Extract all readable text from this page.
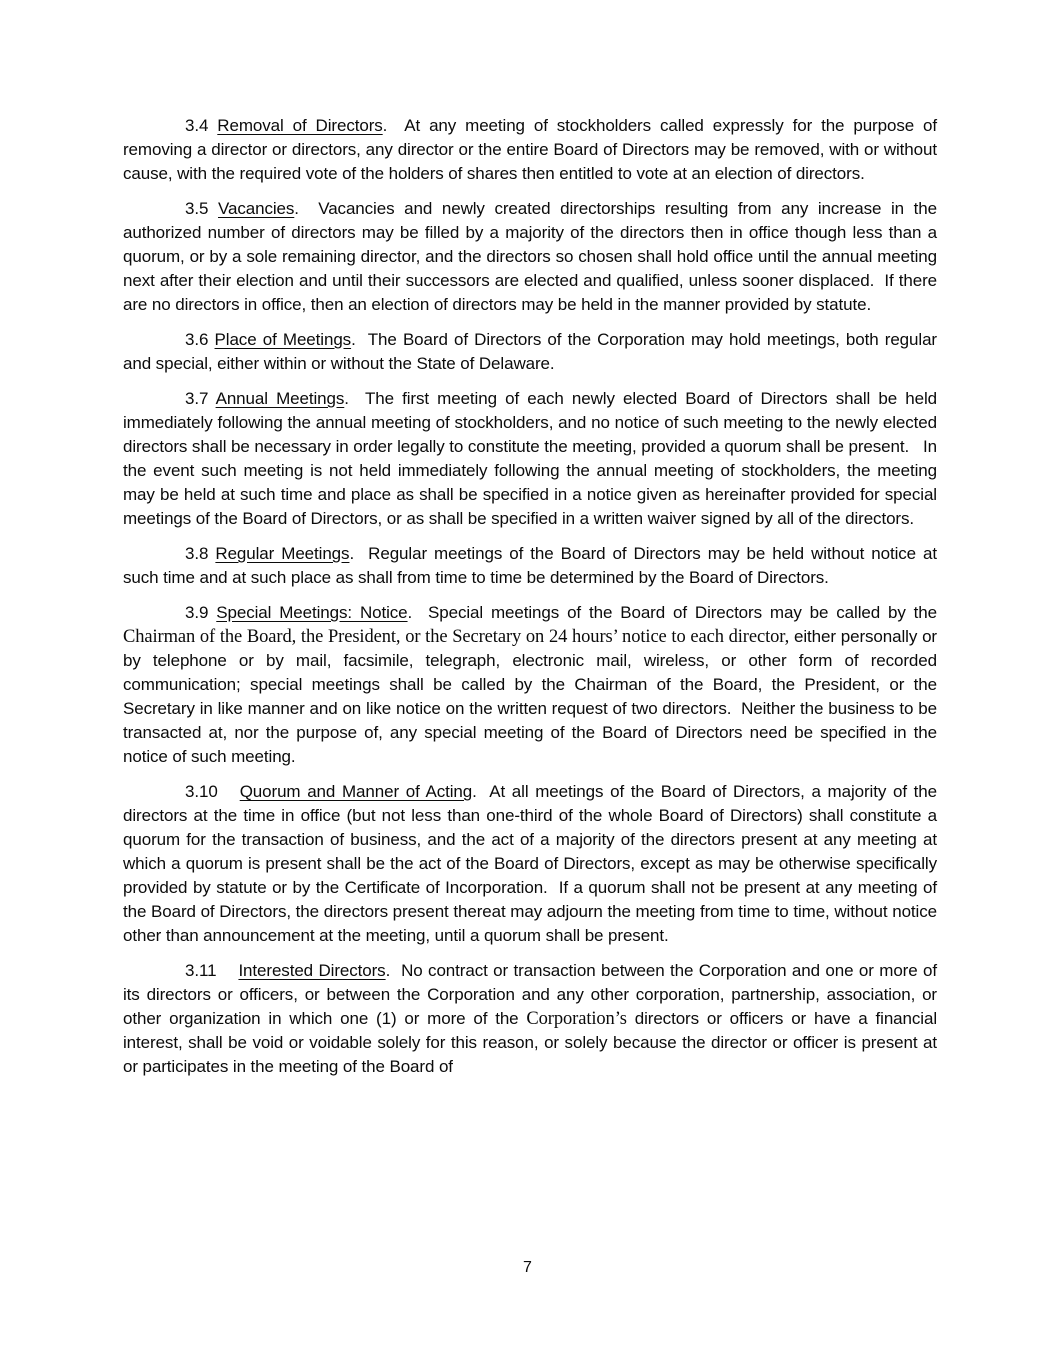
3.4 Removal of Directors.  At any meeting of stockholders called expressly for the purpose of removing a director or directors, any director or the entire Board of Directors may be removed, with or without cause, with the required vote of the holders of shares then entitled to vote at an election of directors.

3.5 Vacancies.  Vacancies and newly created directorships resulting from any increase in the authorized number of directors may be filled by a majority of the directors then in office though less than a quorum, or by a sole remaining director, and the directors so chosen shall hold office until the annual meeting next after their election and until their successors are elected and qualified, unless sooner displaced.  If there are no directors in office, then an election of directors may be held in the manner provided by statute.

3.6 Place of Meetings.  The Board of Directors of the Corporation may hold meetings, both regular and special, either within or without the State of Delaware.

3.7 Annual Meetings.  The first meeting of each newly elected Board of Directors shall be held immediately following the annual meeting of stockholders, and no notice of such meeting to the newly elected directors shall be necessary in order legally to constitute the meeting, provided a quorum shall be present.   In the event such meeting is not held immediately following the annual meeting of stockholders, the meeting may be held at such time and place as shall be specified in a notice given as hereinafter provided for special meetings of the Board of Directors, or as shall be specified in a written waiver signed by all of the directors.

3.8 Regular Meetings.  Regular meetings of the Board of Directors may be held without notice at such time and at such place as shall from time to time be determined by the Board of Directors.

3.9 Special Meetings: Notice.  Special meetings of the Board of Directors may be called by the Chairman of the Board, the President, or the Secretary on 24 hours’ notice to each director, either personally or by telephone or by mail, facsimile, telegraph, electronic mail, wireless, or other form of recorded communication; special meetings shall be called by the Chairman of the Board, the President, or the Secretary in like manner and on like notice on the written request of two directors.  Neither the business to be transacted at, nor the purpose of, any special meeting of the Board of Directors need be specified in the notice of such meeting.

3.10 Quorum and Manner of Acting.  At all meetings of the Board of Directors, a majority of the directors at the time in office (but not less than one-third of the whole Board of Directors) shall constitute a quorum for the transaction of business, and the act of a majority of the directors present at any meeting at which a quorum is present shall be the act of the Board of Directors, except as may be otherwise specifically provided by statute or by the Certificate of Incorporation.  If a quorum shall not be present at any meeting of the Board of Directors, the directors present thereat may adjourn the meeting from time to time, without notice other than announcement at the meeting, until a quorum shall be present.

3.11 Interested Directors.  No contract or transaction between the Corporation and one or more of its directors or officers, or between the Corporation and any other corporation, partnership, association, or other organization in which one (1) or more of the Corporation’s directors or officers or have a financial interest, shall be void or voidable solely for this reason, or solely because the director or officer is present at or participates in the meeting of the Board of

7
